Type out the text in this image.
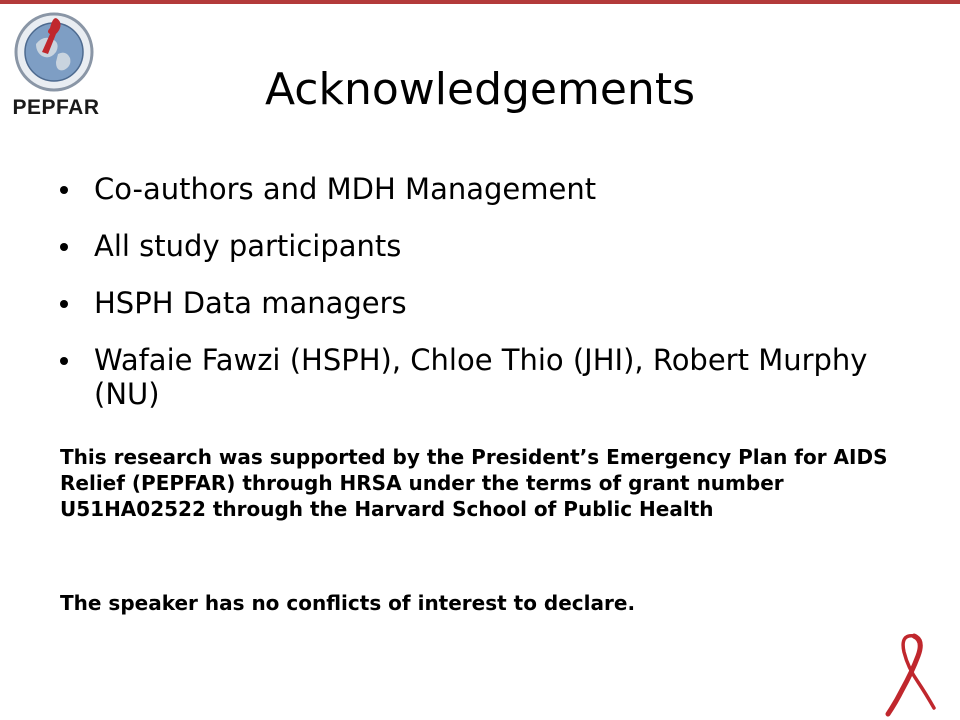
PEPFAR	Acknowledgements
Co-authors and MDH Management
All study participants
HSPH Data managers
Wafaie Fawzi (HSPH), Chloe Thio (JHI), Robert Murphy (NU)
This research was supported by the President’s Emergency Plan for AIDS Relief (PEPFAR) through HRSA under the terms of grant number U51HA02522 through the Harvard School of Public Health
The speaker has no conflicts of interest to declare.
